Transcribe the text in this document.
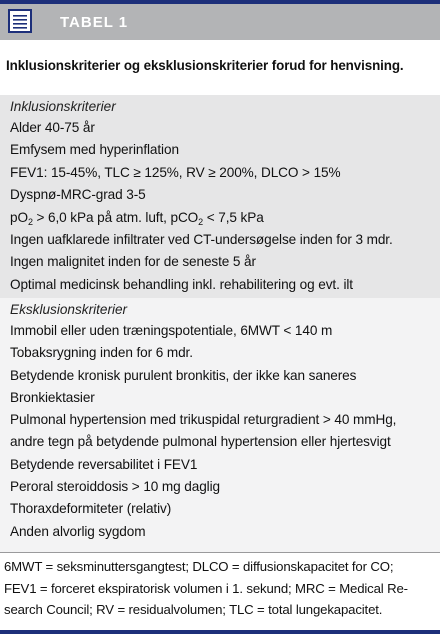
TABEL 1
Inklusionskriterier og eksklusionskriterier forud for henvisning.
Inklusionskriterier
Alder 40-75 år
Emfysem med hyperinflation
FEV1: 15-45%, TLC ≥ 125%, RV ≥ 200%, DLCO > 15%
Dyspnø-MRC-grad 3-5
$pO_2 > 6,0$ kPa på atm. luft, pCO$_2$ < 7,5 kPa
Ingen uafklarede infiltrater ved CT-undersøgelse inden for 3 mdr.
Ingen malignitet inden for de seneste 5 år
Optimal medicinsk behandling inkl. rehabilitering og evt. ilt
Eksklusionskriterier
Immobil eller uden træningspotentiale, 6MWT < 140 m
Tobaksrygning inden for 6 mdr.
Betydende kronisk purulent bronkitis, der ikke kan saneres
Bronkiektasier
Pulmonal hypertension med trikuspidal returgradient > 40 mmHg,
andre tegn på betydende pulmonal hypertension eller hjertesvigt
Betydende reversabilitet i FEV1
Peroral steroiddosis > 10 mg daglig
Thoraxdeformiteter (relativ)
Anden alvorlig sygdom
6MWT = seksminuttersgangtest; DLCO = diffusionskapacitet for CO;
FEV1 = forceret ekspiratorisk volumen i 1. sekund; MRC = Medical Re-
search Council; RV = residualvolumen; TLC = total lungekapacitet.
